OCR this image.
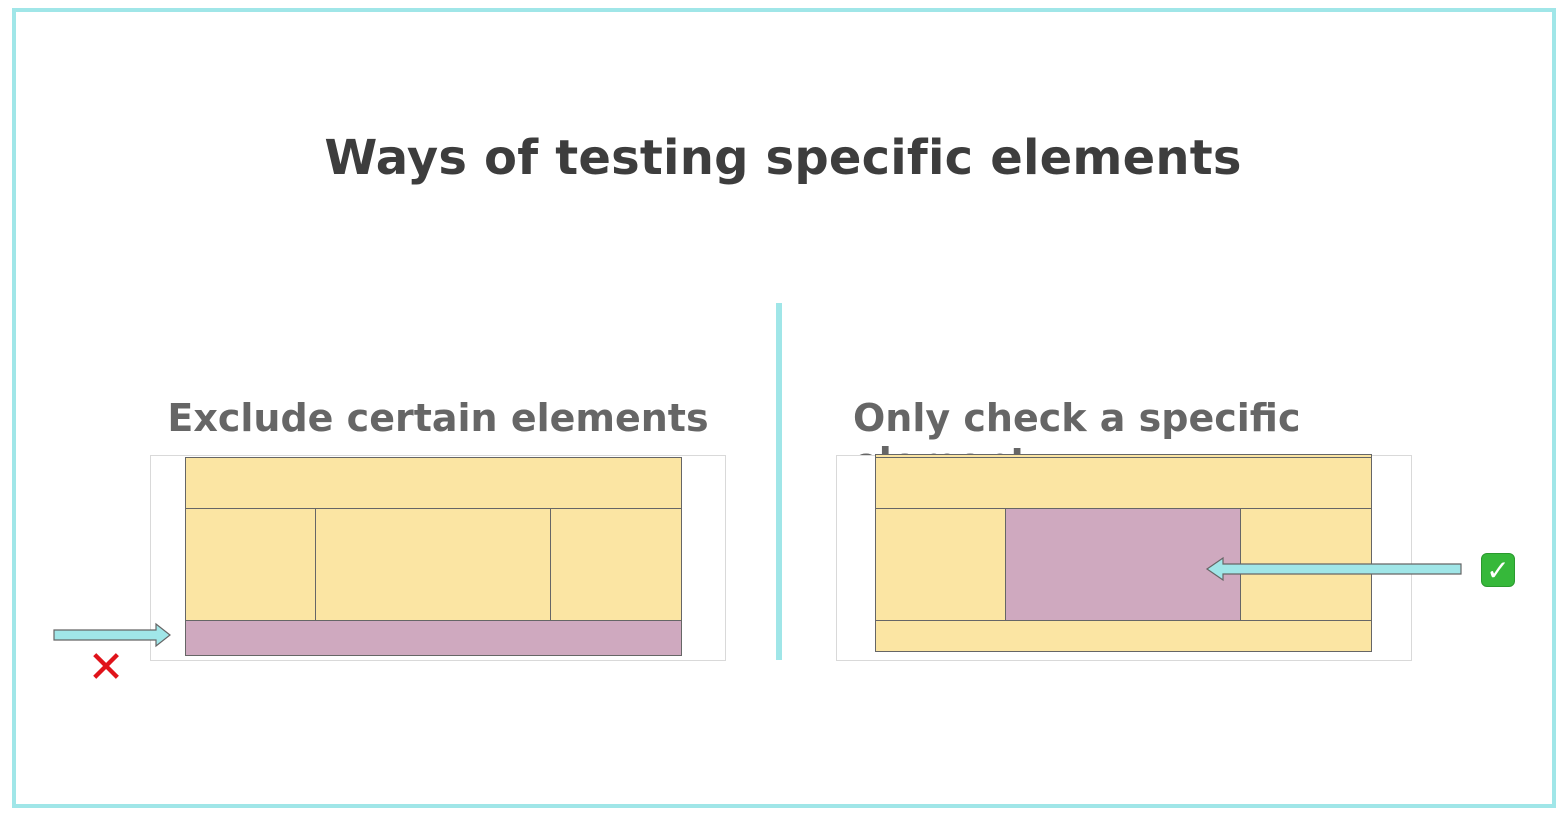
Ways of testing specific elements
Exclude certain elements
✕
Only check a specific
✓
